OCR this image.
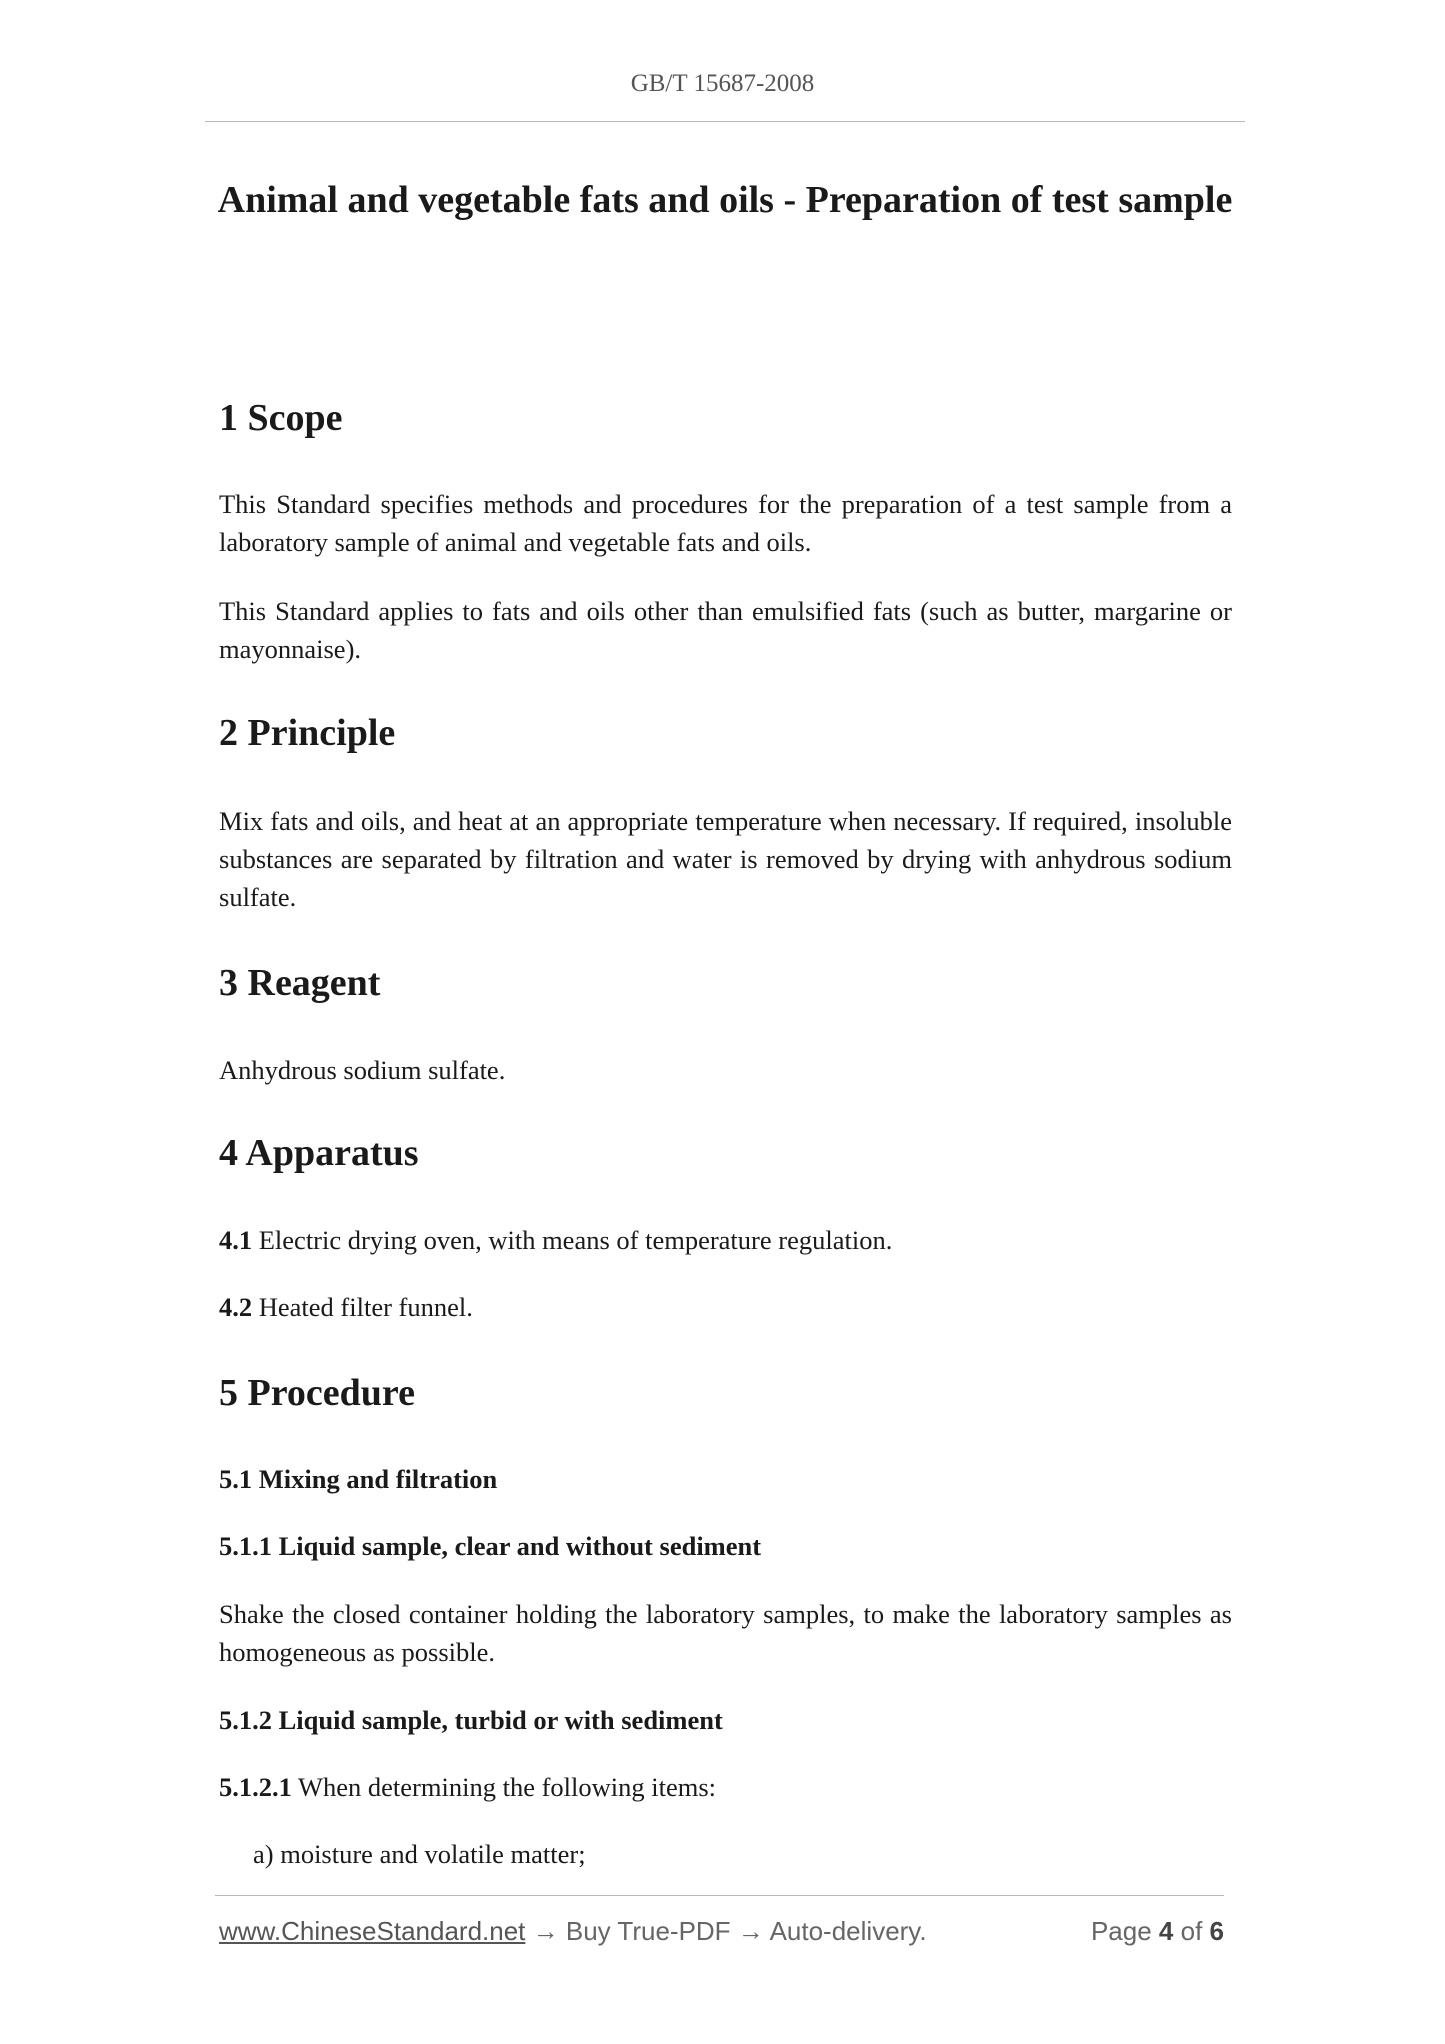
GB/T 15687-2008
Animal and vegetable fats and oils - Preparation of test sample
1 Scope

This Standard specifies methods and procedures for the preparation of a test sample from a laboratory sample of animal and vegetable fats and oils.

This Standard applies to fats and oils other than emulsified fats (such as butter, margarine or mayonnaise).

2 Principle

Mix fats and oils, and heat at an appropriate temperature when necessary. If required, insoluble substances are separated by filtration and water is removed by drying with anhydrous sodium sulfate.

3 Reagent

Anhydrous sodium sulfate.

4 Apparatus

4.1 Electric drying oven, with means of temperature regulation.

4.2 Heated filter funnel.

5 Procedure
5.1 Mixing and filtration
5.1.1 Liquid sample, clear and without sediment

Shake the closed container holding the laboratory samples, to make the laboratory samples as homogeneous as possible.

5.1.2 Liquid sample, turbid or with sediment

5.1.2.1 When determining the following items:

a) moisture and volatile matter;

www.ChineseStandard.net → Buy True-PDF → Auto-delivery.	Page 4 of 6
